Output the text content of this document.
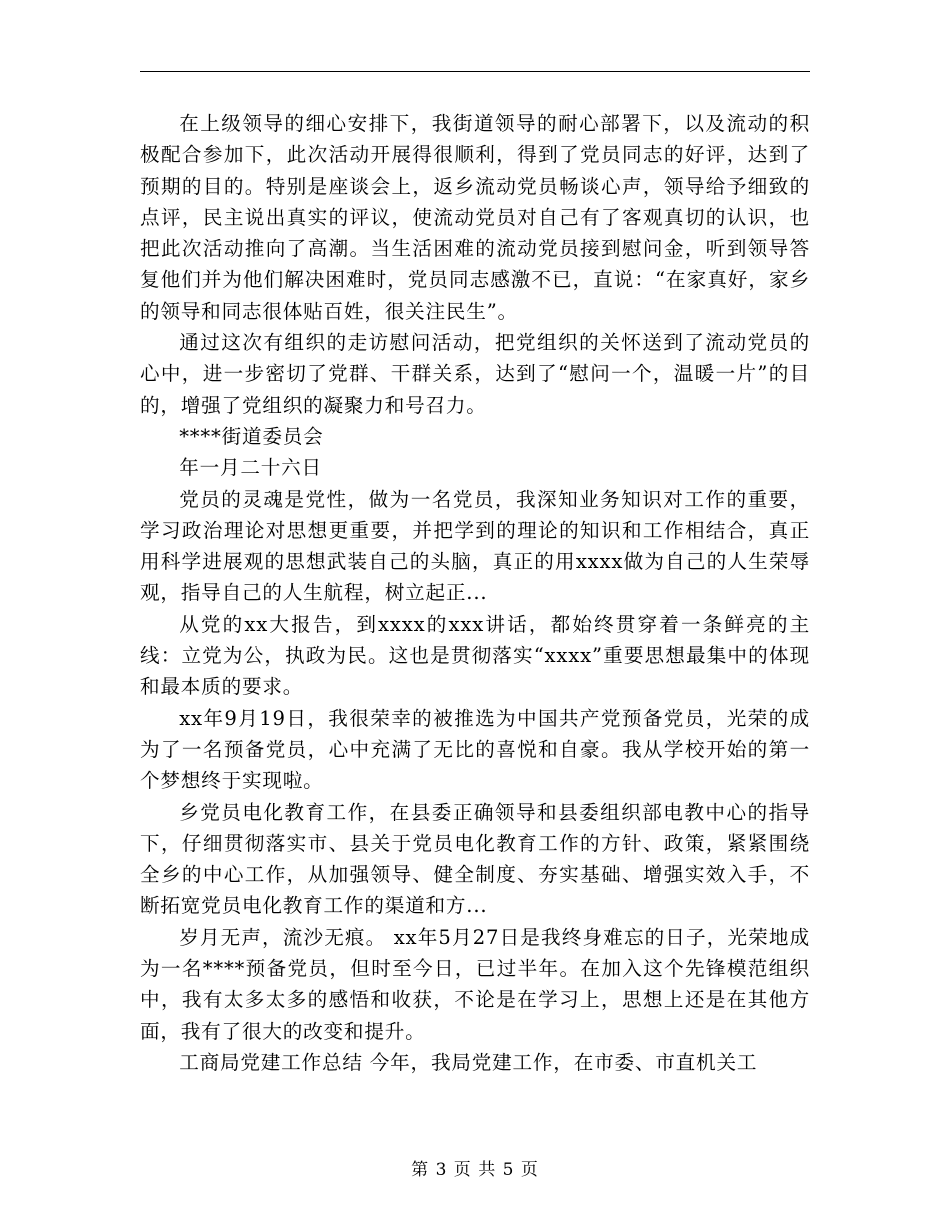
在上级领导的细心安排下，我街道领导的耐心部署下，以及流动的积极配合参加下，此次活动开展得很顺利，得到了党员同志的好评，达到了预期的目的。特别是座谈会上，返乡流动党员畅谈心声，领导给予细致的点评，民主说出真实的评议，使流动党员对自己有了客观真切的认识，也把此次活动推向了高潮。当生活困难的流动党员接到慰问金，听到领导答复他们并为他们解决困难时，党员同志感激不已，直说：“在家真好，家乡的领导和同志很体贴百姓，很关注民生”。

通过这次有组织的走访慰问活动，把党组织的关怀送到了流动党员的心中，进一步密切了党群、干群关系，达到了“慰问一个，温暖一片”的目的，增强了党组织的凝聚力和号召力。

****街道委员会

年一月二十六日

党员的灵魂是党性，做为一名党员，我深知业务知识对工作的重要，学习政治理论对思想更重要，并把学到的理论的知识和工作相结合，真正用科学进展观的思想武装自己的头脑，真正的用xxxx做为自己的人生荣辱观，指导自己的人生航程，树立起正...

从党的xx大报告，到xxxx的xxx讲话，都始终贯穿着一条鲜亮的主线：立党为公，执政为民。这也是贯彻落实“xxxx”重要思想最集中的体现和最本质的要求。

xx年9月19日，我很荣幸的被推选为中国共产党预备党员，光荣的成为了一名预备党员，心中充满了无比的喜悦和自豪。我从学校开始的第一个梦想终于实现啦。

乡党员电化教育工作，在县委正确领导和县委组织部电教中心的指导下，仔细贯彻落实市、县关于党员电化教育工作的方针、政策，紧紧围绕全乡的中心工作，从加强领导、健全制度、夯实基础、增强实效入手，不断拓宽党员电化教育工作的渠道和方...

岁月无声，流沙无痕。 xx年5月27日是我终身难忘的日子，光荣地成为一名****预备党员，但时至今日，已过半年。在加入这个先锋模范组织中，我有太多太多的感悟和收获，不论是在学习上，思想上还是在其他方面，我有了很大的改变和提升。

工商局党建工作总结 今年，我局党建工作，在市委、市直机关工

第 3 页 共 5 页
